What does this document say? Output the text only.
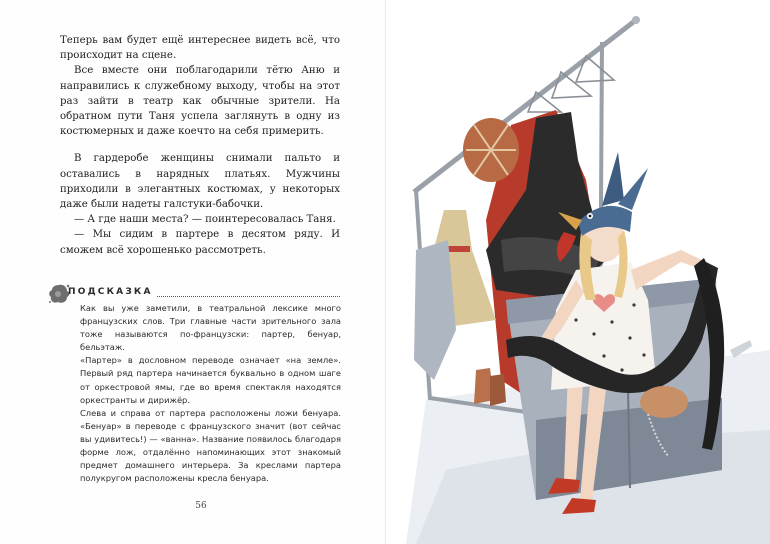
Теперь вам будет ещё интереснее видеть всё, что происходит на сцене.

Все вместе они поблагодарили тётю Аню и направились к служебному выходу, чтобы на этот раз зайти в театр как обычные зрители. На обратном пути Таня успела заглянуть в одну из костюмерных и даже коечто на себя примерить.

В гардеробе женщины снимали пальто и оставались в нарядных платьях. Мужчины приходили в элегантных костюмах, у некоторых даже были надеты галстуки-бабочки.

— А где наши места? — поинтересовалась Таня.

— Мы сидим в партере в десятом ряду. И сможем всё хорошенько рассмотреть.

ПОДСКАЗКА

Как вы уже заметили, в театральной лексике много французских слов. Три главные части зрительного зала тоже называются по-французски: партер, бенуар, бельэтаж.

«Партер» в дословном переводе означает «на земле». Первый ряд партера начинается буквально в одном шаге от оркестровой ямы, где во время спектакля находятся оркестранты и дирижёр.

Слева и справа от партера расположены ложи бенуара. «Бенуар» в переводе с французского значит (вот сейчас вы удивитесь!) — «ванна». Название появилось благодаря форме лож, отдалённо напоминающих этот знакомый предмет домашнего интерьера. За креслами партера полукругом расположены кресла бенуара.

56
